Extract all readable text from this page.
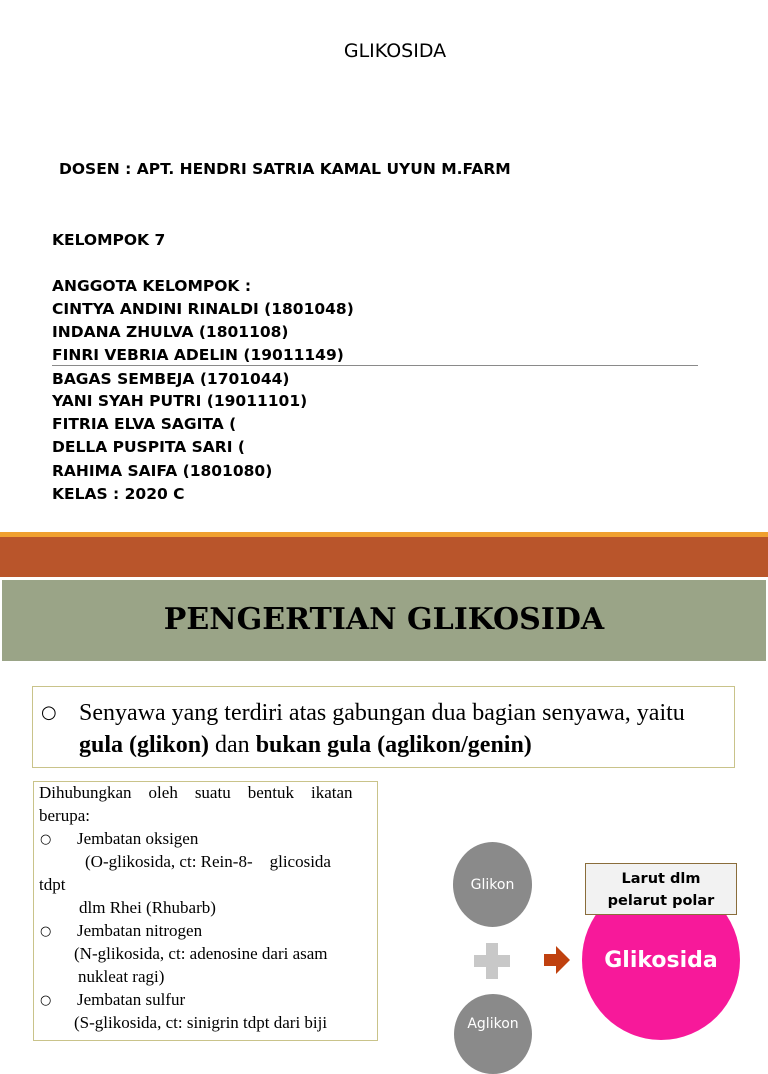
GLIKOSIDA
DOSEN : APT. HENDRI SATRIA KAMAL UYUN M.FARM
KELOMPOK 7
ANGGOTA KELOMPOK :
CINTYA ANDINI RINALDI (1801048)
INDANA ZHULVA (1801108)
FINRI VEBRIA ADELIN (19011149)
BAGAS SEMBEJA (1701044)
YANI SYAH PUTRI (19011101)
FITRIA ELVA SAGITA (
DELLA PUSPITA SARI (
RAHIMA SAIFA (1801080)
KELAS : 2020 C
PENGERTIAN GLIKOSIDA
○ Senyawa yang terdiri atas gabungan dua bagian senyawa, yaitu
gula (glikon) dan bukan gula (aglikon/genin)
Dihubungkan    oleh    suatu    bentuk    ikatan
berupa:
○ Jembatan oksigen
(O-glikosida, ct: Rein-8-    glicosida
tdpt
dlm Rhei (Rhubarb)
○ Jembatan nitrogen
(N-glikosida, ct: adenosine dari asam
nukleat ragi)
○ Jembatan sulfur
(S-glikosida, ct: sinigrin tdpt dari biji
Glikon
Aglikon
Glikosida
Larut dlm
pelarut polar
